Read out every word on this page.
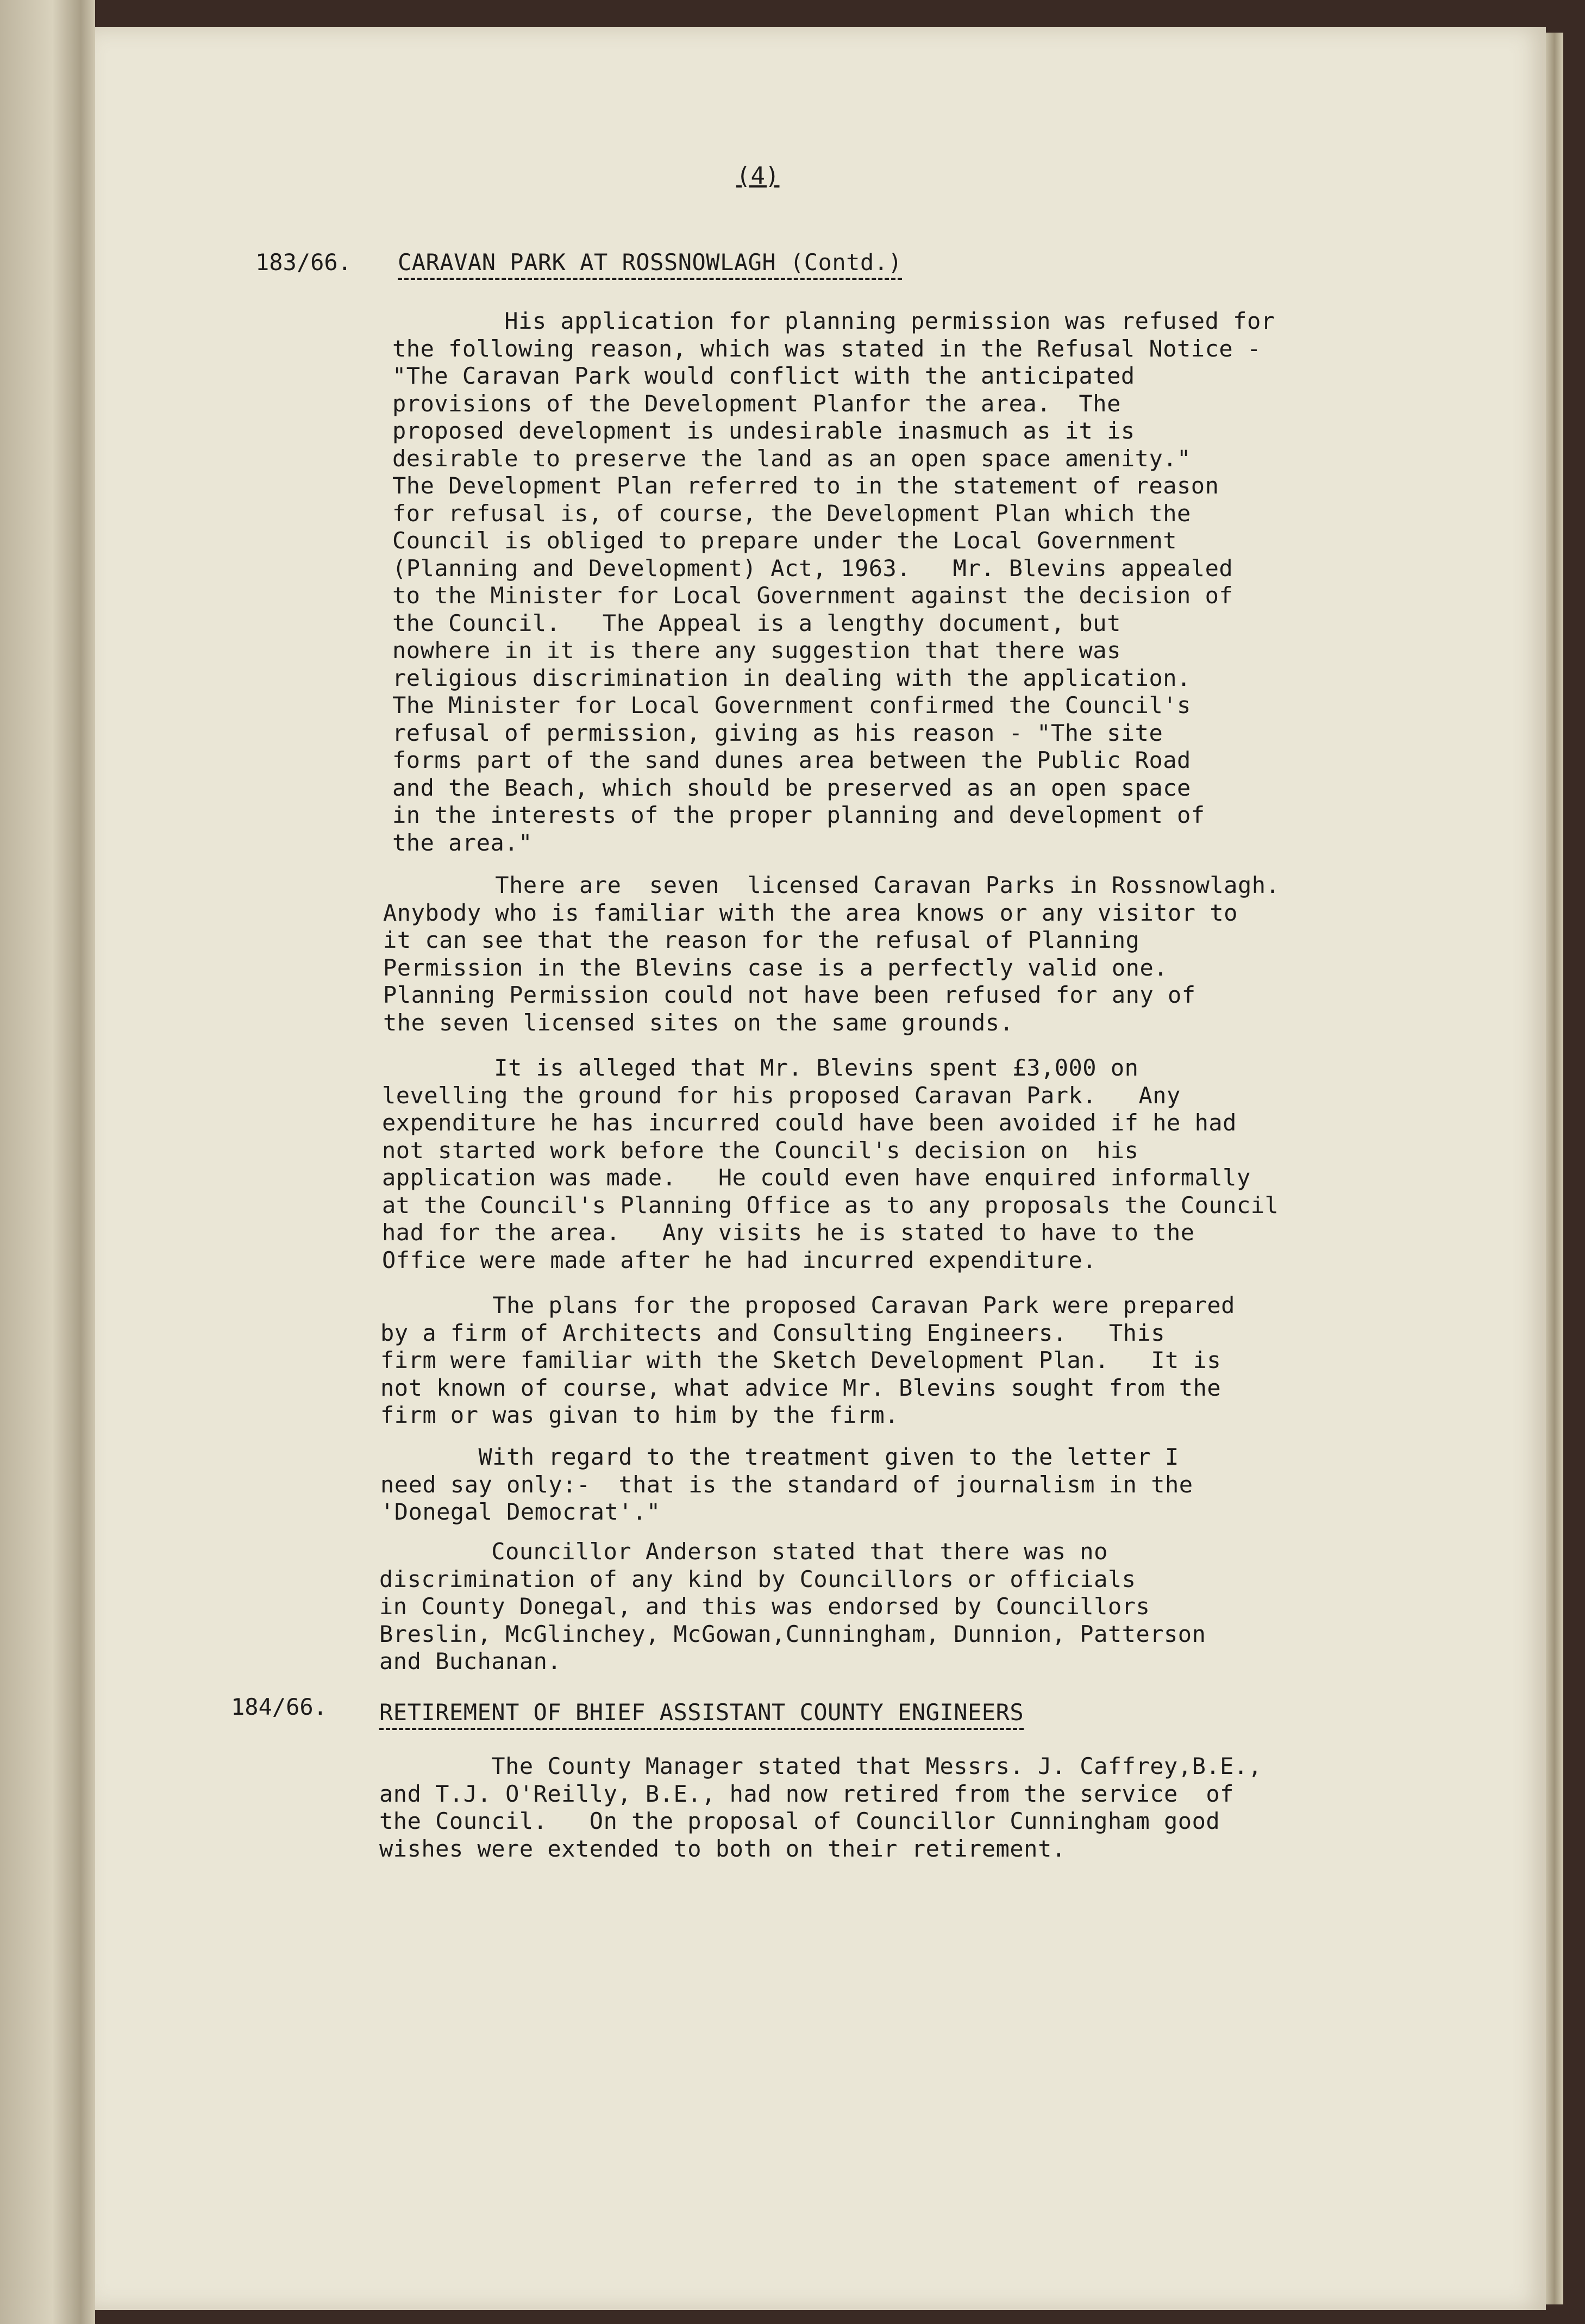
(4)
183/66. CARAVAN PARK AT ROSSNOWLAGH (Contd.)
His application for planning permission was refused for
the following reason, which was stated in the Refusal Notice -
"The Caravan Park would conflict with the anticipated
provisions of the Development Planfor the area.  The
proposed development is undesirable inasmuch as it is
desirable to preserve the land as an open space amenity."
The Development Plan referred to in the statement of reason
for refusal is, of course, the Development Plan which the
Council is obliged to prepare under the Local Government
(Planning and Development) Act, 1963.   Mr. Blevins appealed
to the Minister for Local Government against the decision of
the Council.   The Appeal is a lengthy document, but
nowhere in it is there any suggestion that there was
religious discrimination in dealing with the application.
The Minister for Local Government confirmed the Council's
refusal of permission, giving as his reason - "The site
forms part of the sand dunes area between the Public Road
and the Beach, which should be preserved as an open space
in the interests of the proper planning and development of
the area."
There are  seven  licensed Caravan Parks in Rossnowlagh.
Anybody who is familiar with the area knows or any visitor to
it can see that the reason for the refusal of Planning
Permission in the Blevins case is a perfectly valid one.
Planning Permission could not have been refused for any of
the seven licensed sites on the same grounds.
It is alleged that Mr. Blevins spent £3,000 on
levelling the ground for his proposed Caravan Park.   Any
expenditure he has incurred could have been avoided if he had
not started work before the Council's decision on  his
application was made.   He could even have enquired informally
at the Council's Planning Office as to any proposals the Council
had for the area.   Any visits he is stated to have to the
Office were made after he had incurred expenditure.
The plans for the proposed Caravan Park were prepared
by a firm of Architects and Consulting Engineers.   This
firm were familiar with the Sketch Development Plan.   It is
not known of course, what advice Mr. Blevins sought from the
firm or was givan to him by the firm.
With regard to the treatment given to the letter I
need say only:-  that is the standard of journalism in the
'Donegal Democrat'."
Councillor Anderson stated that there was no
discrimination of any kind by Councillors or officials
in County Donegal, and this was endorsed by Councillors
Breslin, McGlinchey, McGowan,Cunningham, Dunnion, Patterson
and Buchanan.
184/66. RETIREMENT OF BHIEF ASSISTANT COUNTY ENGINEERS
The County Manager stated that Messrs. J. Caffrey,B.E.,
and T.J. O'Reilly, B.E., had now retired from the service  of
the Council.   On the proposal of Councillor Cunningham good
wishes were extended to both on their retirement.
